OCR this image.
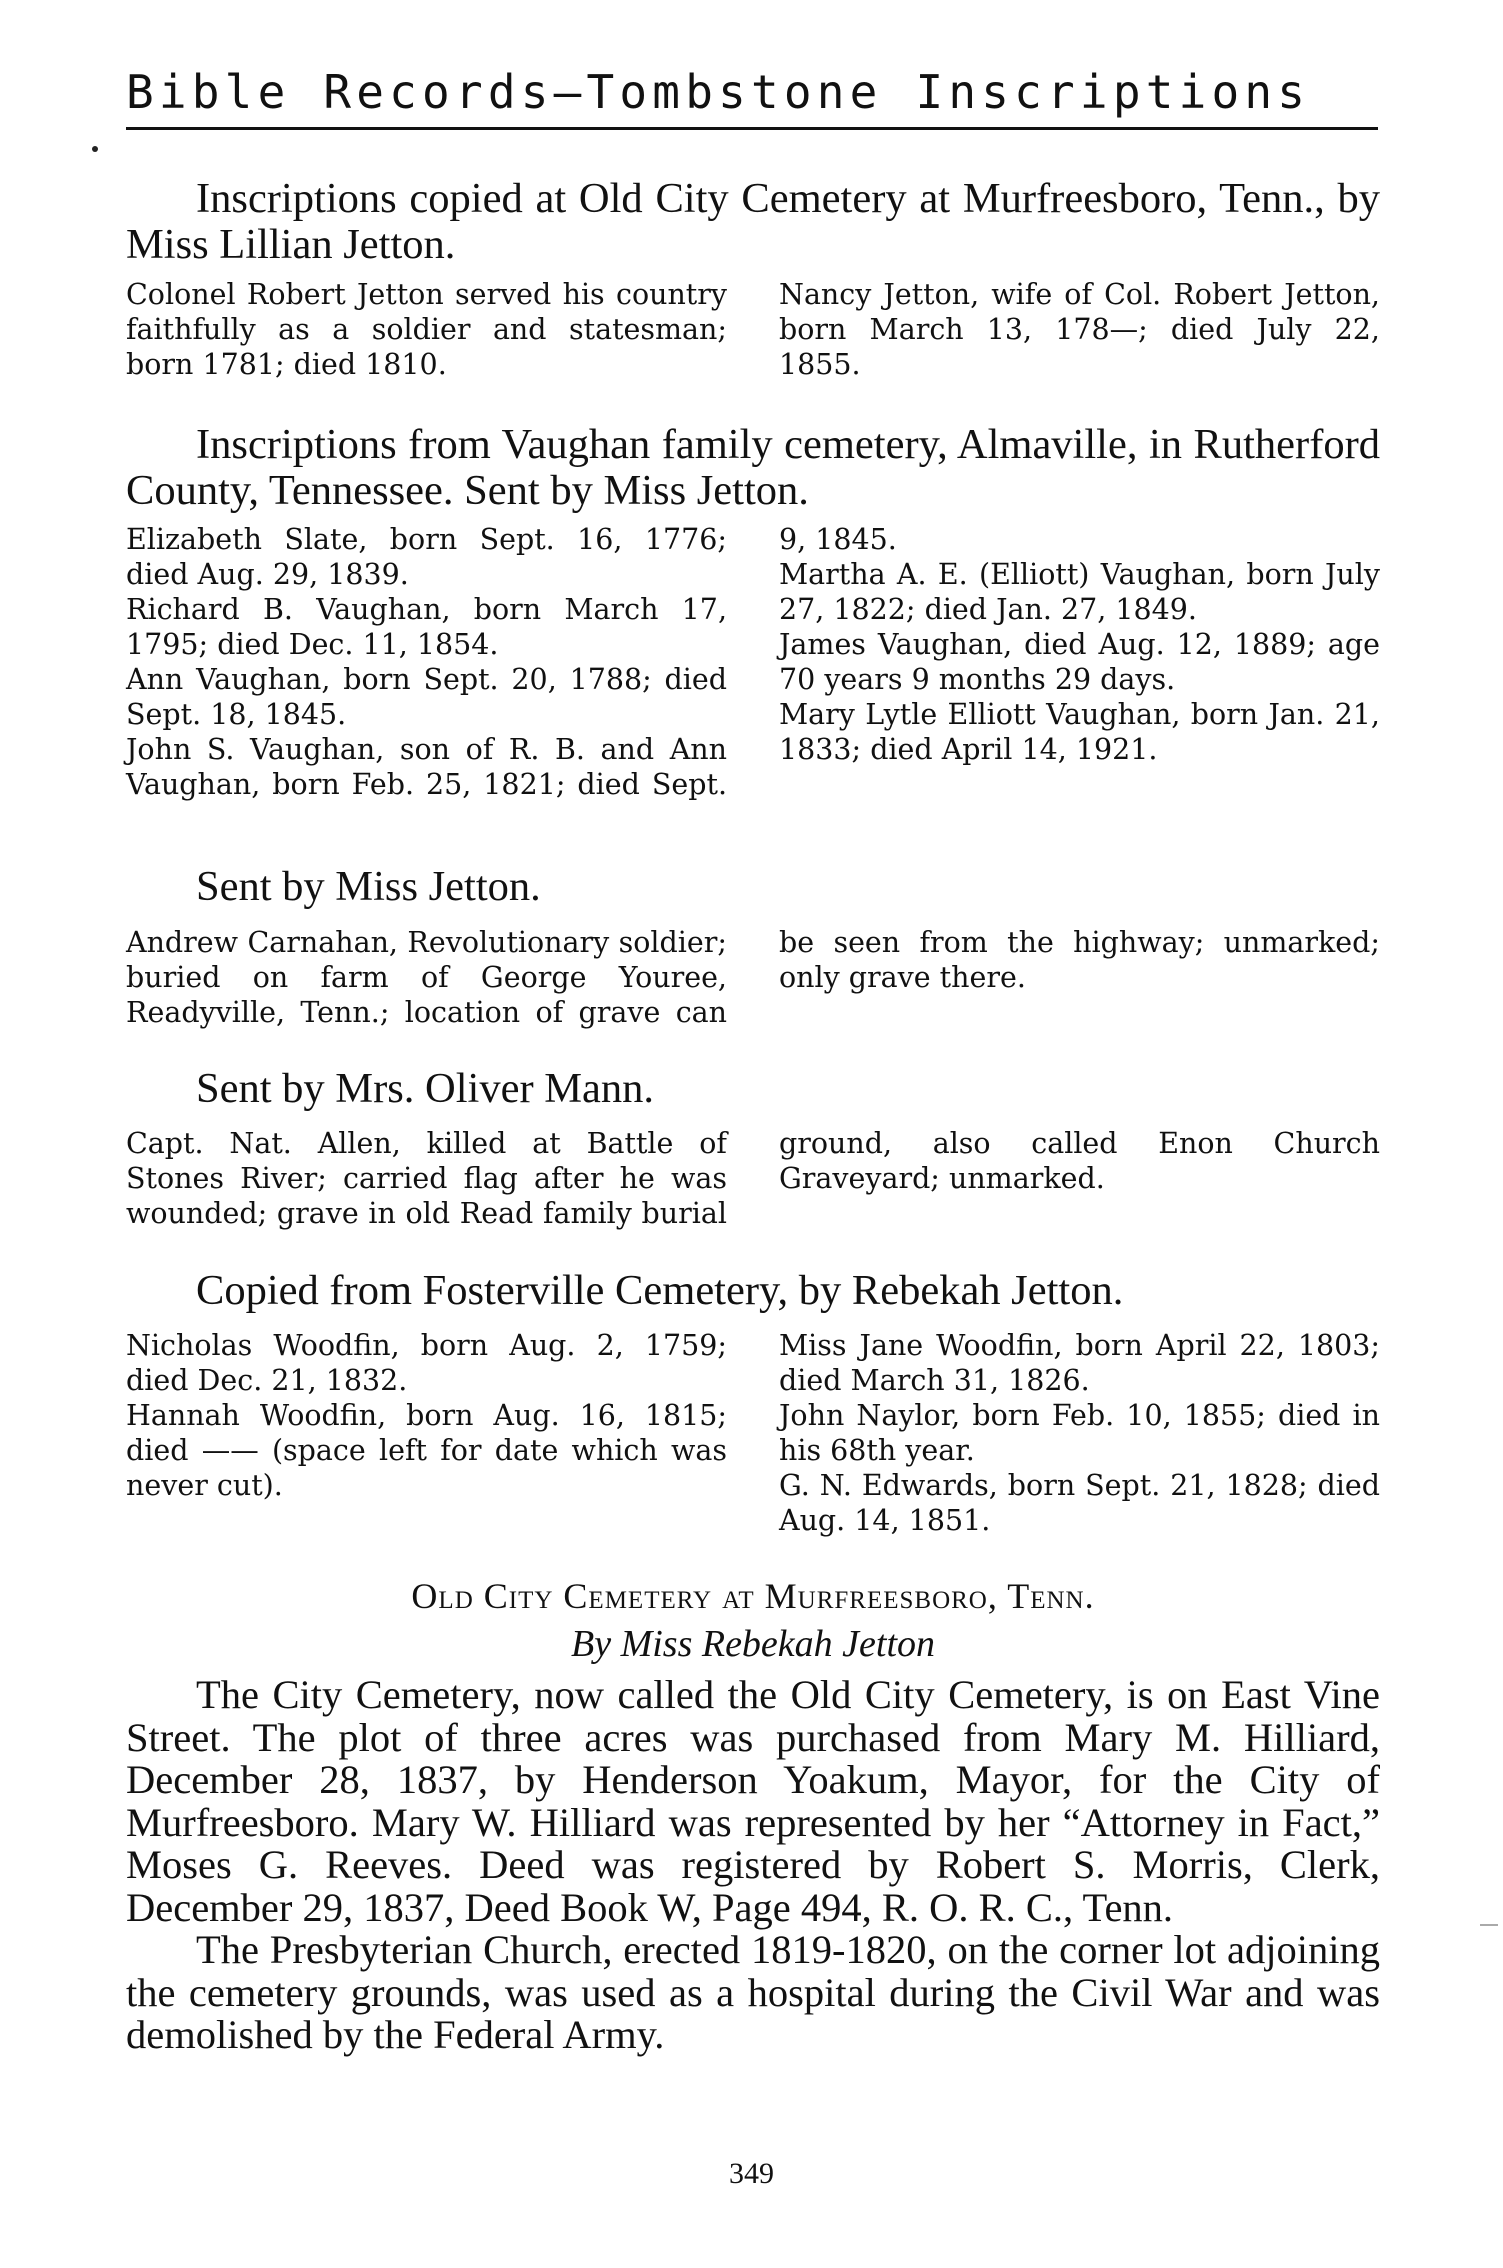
Bible Records—Tombstone Inscriptions
Inscriptions copied at Old City Cemetery at Murfreesboro, Tenn., by Miss Lillian Jetton.

Colonel Robert Jetton served his country faithfully as a soldier and statesman; born 1781; died 1810.

Nancy Jetton, wife of Col. Robert Jetton, born March 13, 178—; died July 22, 1855.

Inscriptions from Vaughan family cemetery, Almaville, in Rutherford County, Tennessee. Sent by Miss Jetton.

Elizabeth Slate, born Sept. 16, 1776; died Aug. 29, 1839.

Richard B. Vaughan, born March 17, 1795; died Dec. 11, 1854.

Ann Vaughan, born Sept. 20, 1788; died Sept. 18, 1845.

John S. Vaughan, son of R. B. and Ann Vaughan, born Feb. 25, 1821; died Sept. 9, 1845.

Martha A. E. (Elliott) Vaughan, born July 27, 1822; died Jan. 27, 1849.

James Vaughan, died Aug. 12, 1889; age 70 years 9 months 29 days.

Mary Lytle Elliott Vaughan, born Jan. 21, 1833; died April 14, 1921.

Sent by Miss Jetton.

Andrew Carnahan, Revolutionary soldier; buried on farm of George Youree, Readyville, Tenn.; location of grave can be seen from the highway; unmarked; only grave there.

Sent by Mrs. Oliver Mann.

Capt. Nat. Allen, killed at Battle of Stones River; carried flag after he was wounded; grave in old Read family burial ground, also called Enon Church Graveyard; unmarked.

Copied from Fosterville Cemetery, by Rebekah Jetton.

Nicholas Woodfin, born Aug. 2, 1759; died Dec. 21, 1832.

Hannah Woodfin, born Aug. 16, 1815; died —— (space left for date which was never cut).

Miss Jane Woodfin, born April 22, 1803; died March 31, 1826.

John Naylor, born Feb. 10, 1855; died in his 68th year.

G. N. Edwards, born Sept. 21, 1828; died Aug. 14, 1851.

Old City Cemetery at Murfreesboro, Tenn.
By Miss Rebekah Jetton

The City Cemetery, now called the Old City Cemetery, is on East Vine Street. The plot of three acres was purchased from Mary M. Hilliard, December 28, 1837, by Henderson Yoakum, Mayor, for the City of Murfreesboro. Mary W. Hilliard was represented by her “Attorney in Fact,” Moses G. Reeves. Deed was registered by Robert S. Morris, Clerk, December 29, 1837, Deed Book W, Page 494, R. O. R. C., Tenn.

The Presbyterian Church, erected 1819-1820, on the corner lot adjoining the cemetery grounds, was used as a hospital during the Civil War and was demolished by the Federal Army.

349
